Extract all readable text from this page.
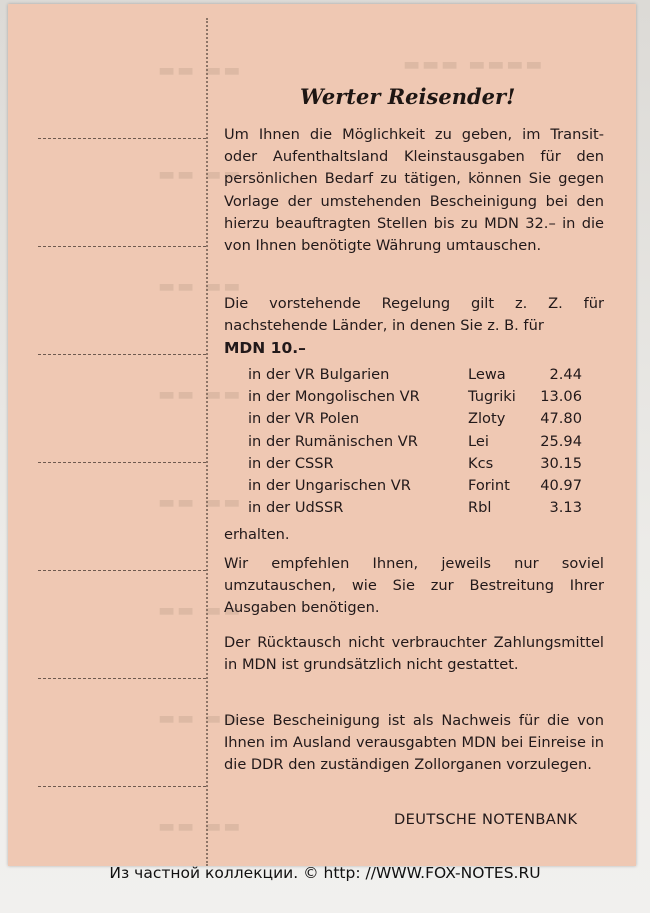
▬▬ ▬▬
▬▬ ▬▬
▬▬ ▬▬
▬▬ ▬▬
▬▬ ▬▬
▬▬ ▬▬
▬▬ ▬▬
▬▬ ▬▬
▬▬▬ ▬▬▬▬
Werter Reisender!
Um Ihnen die Möglichkeit zu geben, im Transit- oder Aufenthaltsland Kleinstausgaben für den persönlichen Bedarf zu tätigen, können Sie gegen Vorlage der umstehenden Bescheinigung bei den hierzu beauftragten Stellen bis zu MDN 32.– in die von Ihnen benötigte Währung umtauschen.
Die vorstehende Regelung gilt z. Z. für nachstehende Länder, in denen Sie z. B. für
MDN 10.–
in der VR Bulgarien	Lewa	2.44
in der Mongolischen VR	Tugriki 13.06
in der VR Polen	Zloty 47.80
in der Rumänischen VR	Lei	25.94
in der CSSR	Kcs	30.15
in der Ungarischen VR	Forint 40.97
in der UdSSR	Rbl	3.13
erhalten.
Wir empfehlen Ihnen, jeweils nur soviel umzutauschen, wie Sie zur Bestreitung Ihrer Ausgaben benötigen.
Der Rücktausch nicht verbrauchter Zahlungsmittel in MDN ist grundsätzlich nicht gestattet.
Diese Bescheinigung ist als Nachweis für die von Ihnen im Ausland verausgabten MDN bei Einreise in die DDR den zuständigen Zollorganen vorzulegen.
DEUTSCHE NOTENBANK
Из частной коллекции. © http: //WWW.FOX-NOTES.RU
